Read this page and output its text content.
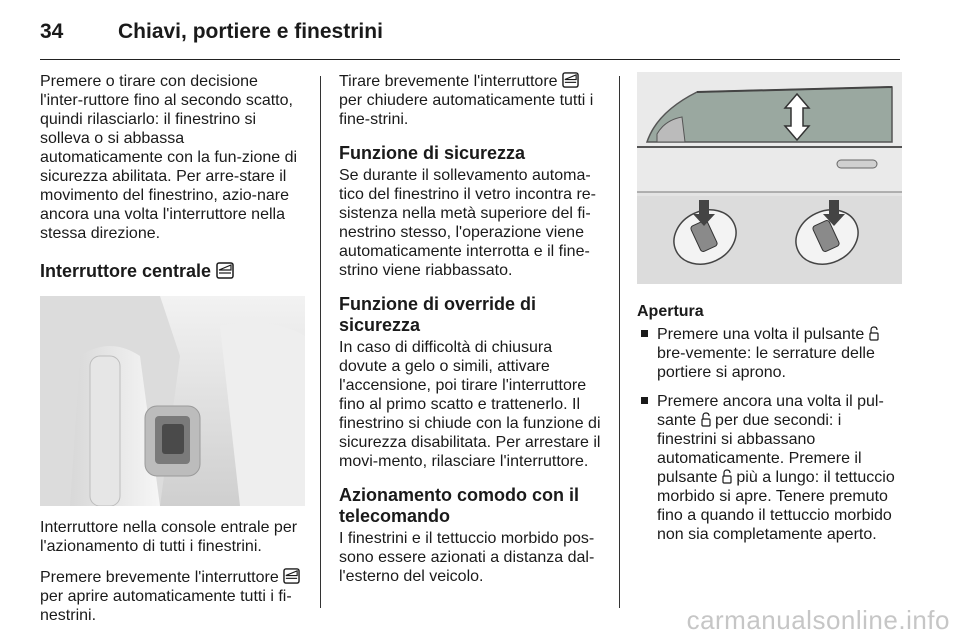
34	Chiavi, portiere e finestrini

Premere o tirare con decisione l'inter-ruttore fino al secondo scatto, quindi rilasciarlo: il finestrino si solleva o si abbassa automaticamente con la fun-zione di sicurezza abilitata. Per arre-stare il movimento del finestrino, azio-nare ancora una volta l'interruttore nella stessa direzione.

Interruttore centrale

Interruttore nella console entrale per l'azionamento di tutti i finestrini.

Premere brevemente l'interruttore  per aprire automaticamente tutti i fi-nestrini.

Tirare brevemente l'interruttore  per chiudere automaticamente tutti i fine-strini.

Funzione di sicurezza

Se durante il sollevamento automa-tico del finestrino il vetro incontra re-sistenza nella metà superiore del fi-nestrino stesso, l'operazione viene automaticamente interrotta e il fine-strino viene riabbassato.

Funzione di override di sicurezza

In caso di difficoltà di chiusura dovute a gelo o simili, attivare l'accensione, poi tirare l'interruttore fino al primo scatto e trattenerlo. Il finestrino si chiude con la funzione di sicurezza disabilitata. Per arrestare il movi-mento, rilasciare l'interruttore.

Azionamento comodo con il telecomando

I finestrini e il tettuccio morbido pos-sono essere azionati a distanza dal-l'esterno del veicolo.

Apertura

Premere una volta il pulsante  bre-vemente: le serrature delle portiere si aprono.
Premere ancora una volta il pul-sante per due secondi: i finestrini si abbassano automaticamente. Premere il pulsante più a lungo: il tettuccio morbido si apre. Tenere premuto fino a quando il tettuccio morbido non sia completamente aperto.
carmanualsonline.info
